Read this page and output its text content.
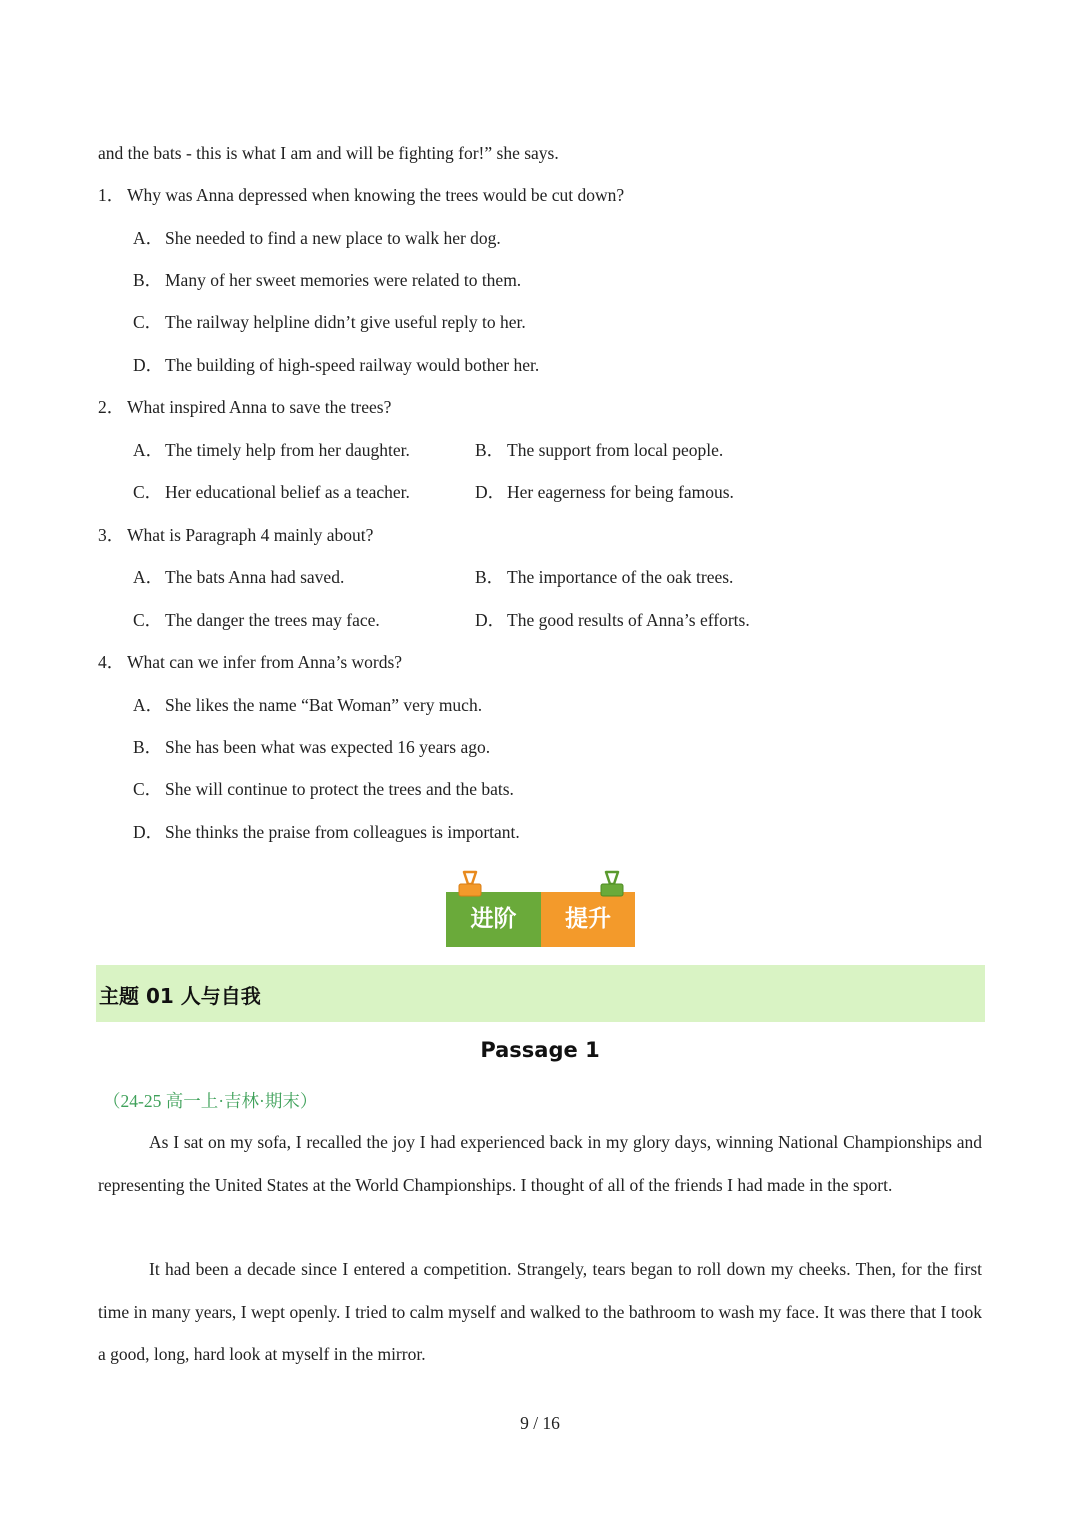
and the bats - this is what I am and will be fighting for!” she says.
1． Why was Anna depressed when knowing the trees would be cut down?
A． She needed to find a new place to walk her dog.
B． Many of her sweet memories were related to them.
C． The railway helpline didn’t give useful reply to her.
D． The building of high-speed railway would bother her.
2． What inspired Anna to save the trees?
A． The timely help from her daughter.	B． The support from local people.
C． Her educational belief as a teacher.	D． Her eagerness for being famous.
3． What is Paragraph 4 mainly about?
A． The bats Anna had saved.	B． The importance of the oak trees.
C． The danger the trees may face.	D． The good results of Anna’s efforts.
4． What can we infer from Anna’s words?
A． She likes the name “Bat Woman” very much.
B． She has been what was expected 16 years ago.
C． She will continue to protect the trees and the bats.
D． She thinks the praise from colleagues is important.
进阶	提升
主题 01 人与自我
Passage 1
（24-25 高一上·吉林·期末）
As I sat on my sofa, I recalled the joy I had experienced back in my glory days, winning National Championships and representing the United States at the World Championships. I thought of all of the friends I had made in the sport.
It had been a decade since I entered a competition. Strangely, tears began to roll down my cheeks. Then, for the first time in many years, I wept openly. I tried to calm myself and walked to the bathroom to wash my face. It was there that I took a good, long, hard look at myself in the mirror.
9 / 16
